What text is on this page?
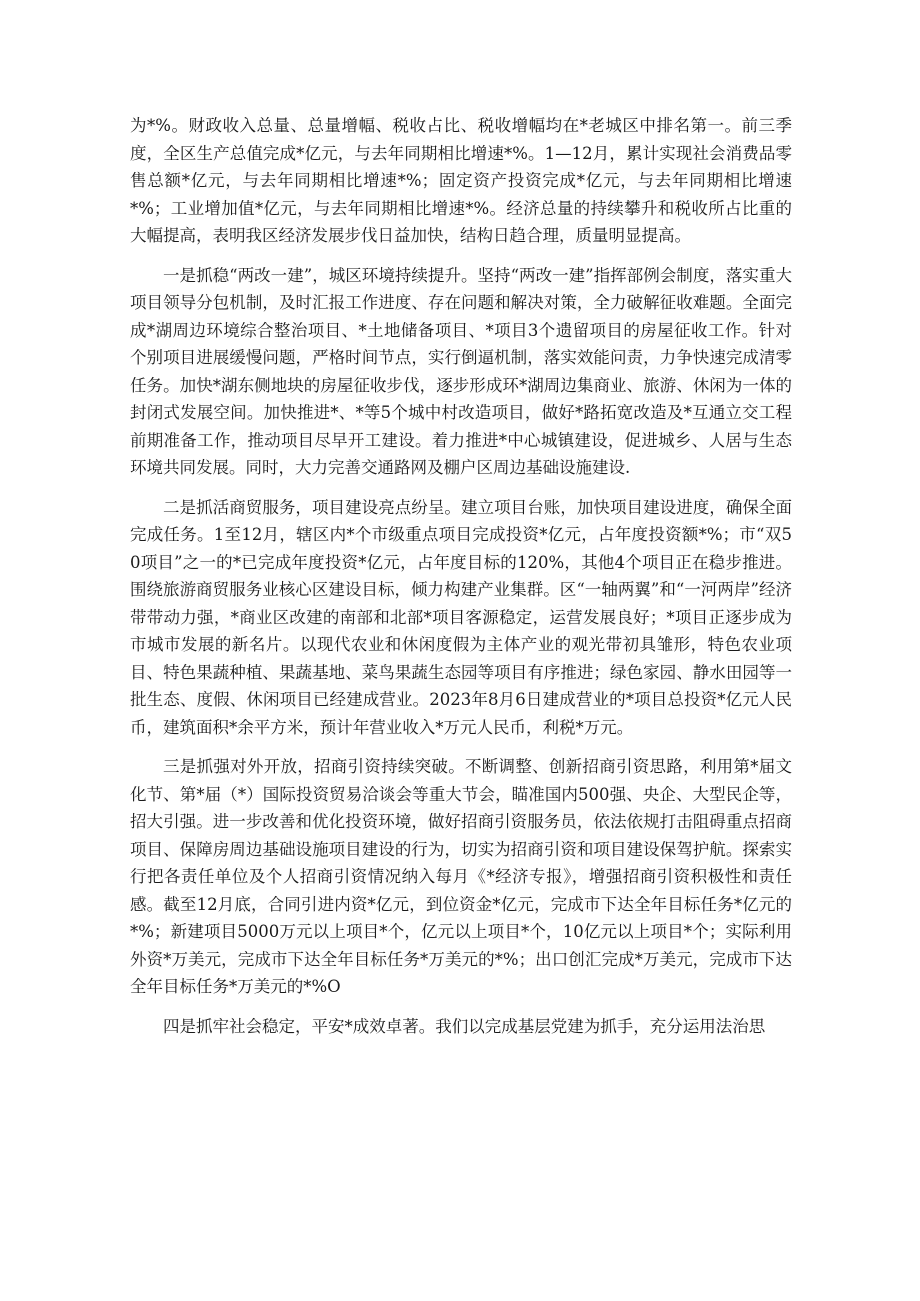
为*%。财政收入总量、总量增幅、税收占比、税收增幅均在*老城区中排名第一。前三季度，全区生产总值完成*亿元，与去年同期相比增速*%。1—12月，累计实现社会消费品零售总额*亿元，与去年同期相比增速*%；固定资产投资完成*亿元，与去年同期相比增速*%；工业增加值*亿元，与去年同期相比增速*%。经济总量的持续攀升和税收所占比重的大幅提高，表明我区经济发展步伐日益加快，结构日趋合理，质量明显提高。

一是抓稳“两改一建”，城区环境持续提升。坚持“两改一建”指挥部例会制度，落实重大项目领导分包机制，及时汇报工作进度、存在问题和解决对策，全力破解征收难题。全面完成*湖周边环境综合整治项目、*土地储备项目、*项目3个遗留项目的房屋征收工作。针对个别项目进展缓慢问题，严格时间节点，实行倒逼机制，落实效能问责，力争快速完成清零任务。加快*湖东侧地块的房屋征收步伐，逐步形成环*湖周边集商业、旅游、休闲为一体的封闭式发展空间。加快推进*、*等5个城中村改造项目，做好*路拓宽改造及*互通立交工程前期准备工作，推动项目尽早开工建设。着力推进*中心城镇建设，促进城乡、人居与生态环境共同发展。同时，大力完善交通路网及棚户区周边基础设施建设.

二是抓活商贸服务，项目建设亮点纷呈。建立项目台账，加快项目建设进度，确保全面完成任务。1至12月，辖区内*个市级重点项目完成投资*亿元，占年度投资额*%；市“双50项目”之一的*已完成年度投资*亿元，占年度目标的120%，其他4个项目正在稳步推进。围绕旅游商贸服务业核心区建设目标，倾力构建产业集群。区“一轴两翼”和“一河两岸”经济带带动力强，*商业区改建的南部和北部*项目客源稳定，运营发展良好；*项目正逐步成为市城市发展的新名片。以现代农业和休闲度假为主体产业的观光带初具雏形，特色农业项目、特色果蔬种植、果蔬基地、菜鸟果蔬生态园等项目有序推进；绿色家园、静水田园等一批生态、度假、休闲项目已经建成营业。2023年8月6日建成营业的*项目总投资*亿元人民币，建筑面积*余平方米，预计年营业收入*万元人民币，利税*万元。

三是抓强对外开放，招商引资持续突破。不断调整、创新招商引资思路，利用第*届文化节、第*届（*）国际投资贸易洽谈会等重大节会，瞄准国内500强、央企、大型民企等，招大引强。进一步改善和优化投资环境，做好招商引资服务员，依法依规打击阻碍重点招商项目、保障房周边基础设施项目建设的行为，切实为招商引资和项目建设保驾护航。探索实行把各责任单位及个人招商引资情况纳入每月《*经济专报》，增强招商引资积极性和责任感。截至12月底，合同引进内资*亿元，到位资金*亿元，完成市下达全年目标任务*亿元的*%；新建项目5000万元以上项目*个，亿元以上项目*个，10亿元以上项目*个；实际利用外资*万美元，完成市下达全年目标任务*万美元的*%；出口创汇完成*万美元，完成市下达全年目标任务*万美元的*%O

四是抓牢社会稳定，平安*成效卓著。我们以完成基层党建为抓手，充分运用法治思
